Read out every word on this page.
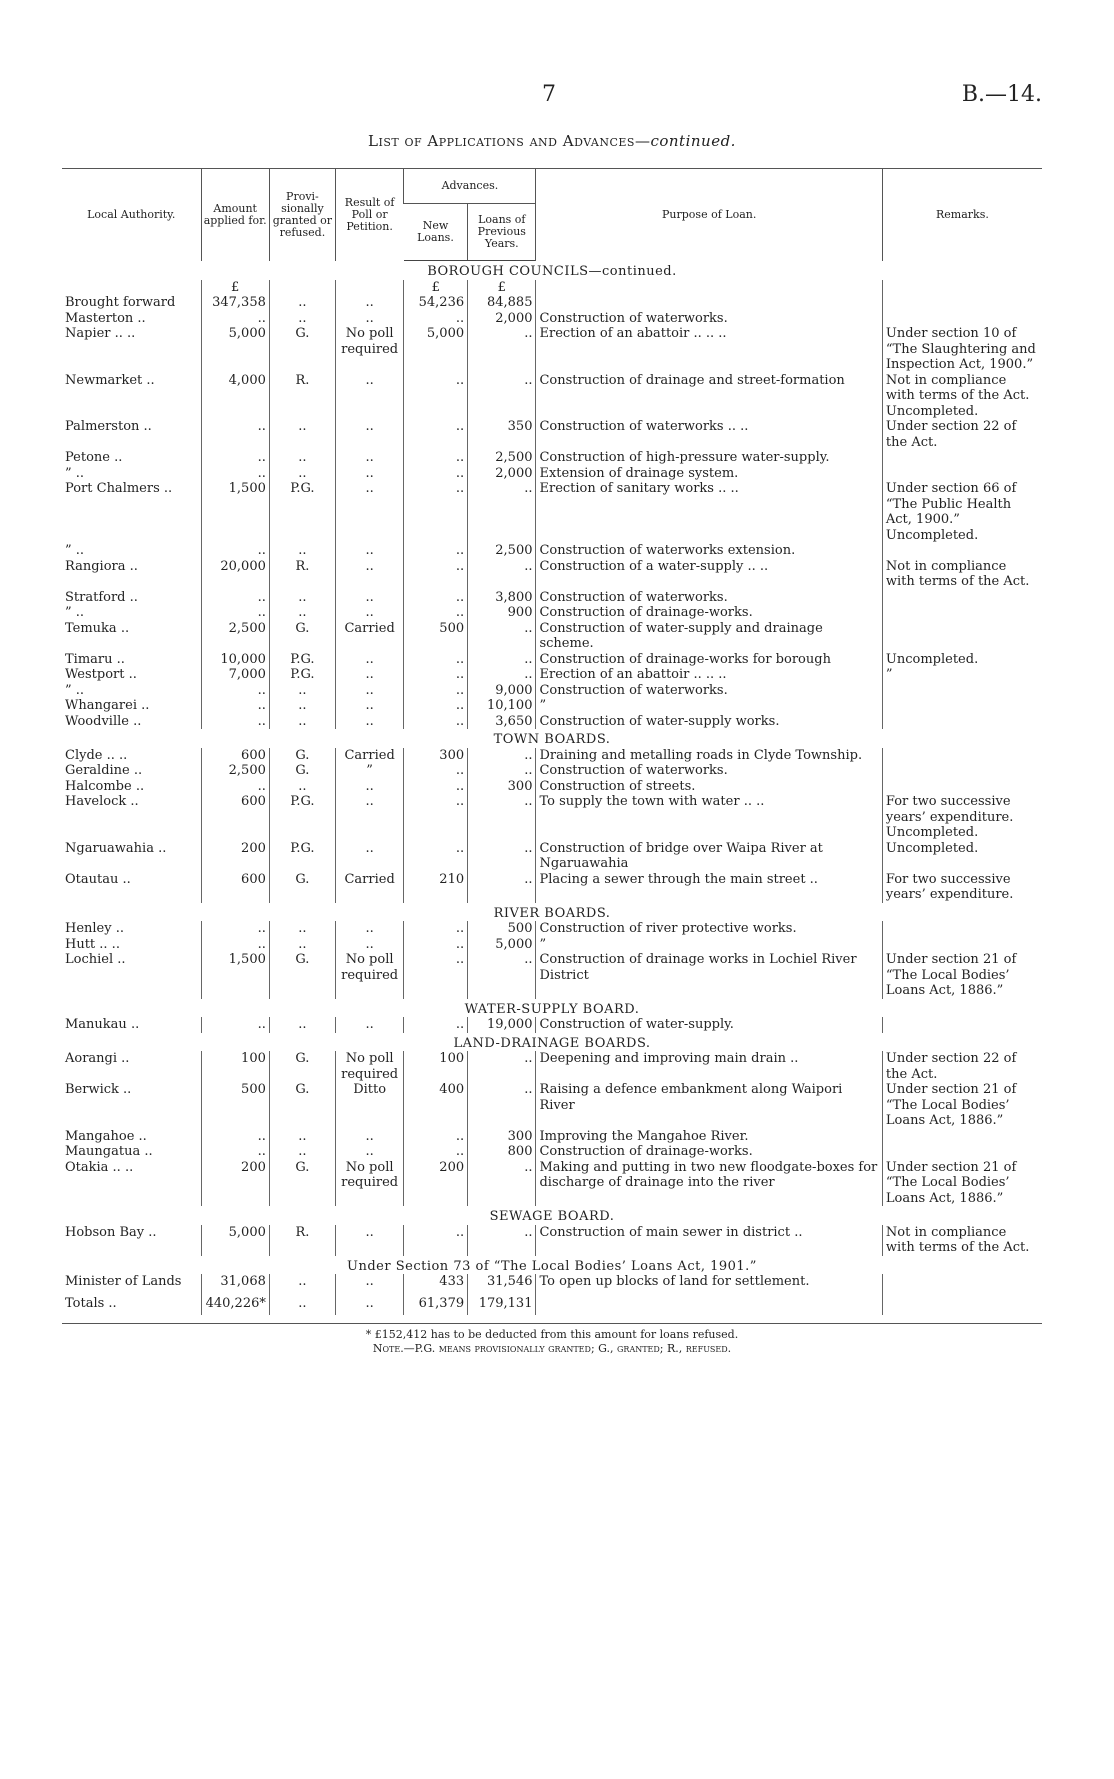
7	B.—14.
List of Applications and Advances—continued.
Local Authority.	Amount applied for.	Provi- sionally granted or refused.	Result of Poll or Petition.	Advances.		Purpose of Loan.	Remarks.
				New Loans.	Loans of Previous Years.		
BOROUGH COUNCILS—continued.							
	£			£	£		
Brought forward	347,358	..	..	54,236	84,885		
Masterton ..	..	..	..	..	2,000	Construction of waterworks.	
Napier .. ..	5,000	G.	No poll required	5,000	..	Erection of an abattoir .. .. ..	Under section 10 of “The Slaughtering and Inspection Act, 1900.”
Newmarket ..	4,000	R.	..	..	..	Construction of drainage and street-formation	Not in compliance with terms of the Act. Uncompleted.
Palmerston ..	..	..	..	..	350	Construction of waterworks .. ..	Under section 22 of the Act.
Petone ..	..	..	..	..	2,500	Construction of high-pressure water-supply.	
” ..	..	..	..	..	2,000	Extension of drainage system.	
Port Chalmers ..	1,500	P.G.	..	..	..	Erection of sanitary works .. ..	Under section 66 of “The Public Health Act, 1900.” Uncompleted.
” ..	..	..	..	..	2,500	Construction of waterworks extension.	
Rangiora ..	20,000	R.	..	..	..	Construction of a water-supply .. ..	Not in compliance with terms of the Act.
Stratford ..	..	..	..	..	3,800	Construction of waterworks.	
” ..	..	..	..	..	900	Construction of drainage-works.	
Temuka ..	2,500	G.	Carried	500	..	Construction of water-supply and drainage scheme.	
Timaru ..	10,000	P.G.	..	..	..	Construction of drainage-works for borough	Uncompleted.
Westport ..	7,000	P.G.	..	..	..	Erection of an abattoir .. .. ..	”
” ..	..	..	..	..	9,000	Construction of waterworks.	
Whangarei ..	..	..	..	..	10,100	”	
Woodville ..	..	..	..	..	3,650	Construction of water-supply works.	
TOWN BOARDS.							
Clyde .. ..	600	G.	Carried	300	..	Draining and metalling roads in Clyde Township.	
Geraldine ..	2,500	G.	”	..	..	Construction of waterworks.	
Halcombe ..	..	..	..	..	300	Construction of streets.	
Havelock ..	600	P.G.	..	..	..	To supply the town with water .. ..	For two successive years’ expenditure. Uncompleted.
Ngaruawahia ..	200	P.G.	..	..	..	Construction of bridge over Waipa River at Ngaruawahia	Uncompleted.
Otautau ..	600	G.	Carried	210	..	Placing a sewer through the main street ..	For two successive years’ expenditure.
RIVER BOARDS.							
Henley ..	..	..	..	..	500	Construction of river protective works.	
Hutt .. ..	..	..	..	..	5,000	”	
Lochiel ..	1,500	G.	No poll required	..	..	Construction of drainage works in Lochiel River District	Under section 21 of “The Local Bodies’ Loans Act, 1886.”
WATER-SUPPLY BOARD.							
Manukau ..	..	..	..	..	19,000	Construction of water-supply.	
LAND-DRAINAGE BOARDS.							
Aorangi ..	100	G.	No poll required	100	..	Deepening and improving main drain ..	Under section 22 of the Act.
Berwick ..	500	G.	Ditto	400	..	Raising a defence embankment along Waipori River	Under section 21 of “The Local Bodies’ Loans Act, 1886.”
Mangahoe ..	..	..	..	..	300	Improving the Mangahoe River.	
Maungatua ..	..	..	..	..	800	Construction of drainage-works.	
Otakia .. ..	200	G.	No poll required	200	..	Making and putting in two new floodgate-boxes for discharge of drainage into the river	Under section 21 of “The Local Bodies’ Loans Act, 1886.”
SEWAGE BOARD.							
Hobson Bay ..	5,000	R.	..	..	..	Construction of main sewer in district ..	Not in compliance with terms of the Act.
Under Section 73 of “The Local Bodies’ Loans Act, 1901.”							
Minister of Lands	31,068	..	..	433	31,546	To open up blocks of land for settlement.	
Totals ..	440,226*	..	..	61,379	179,131		
* £152,412 has to be deducted from this amount for loans refused.
Note.—P.G. means provisionally granted; G., granted; R., refused.
